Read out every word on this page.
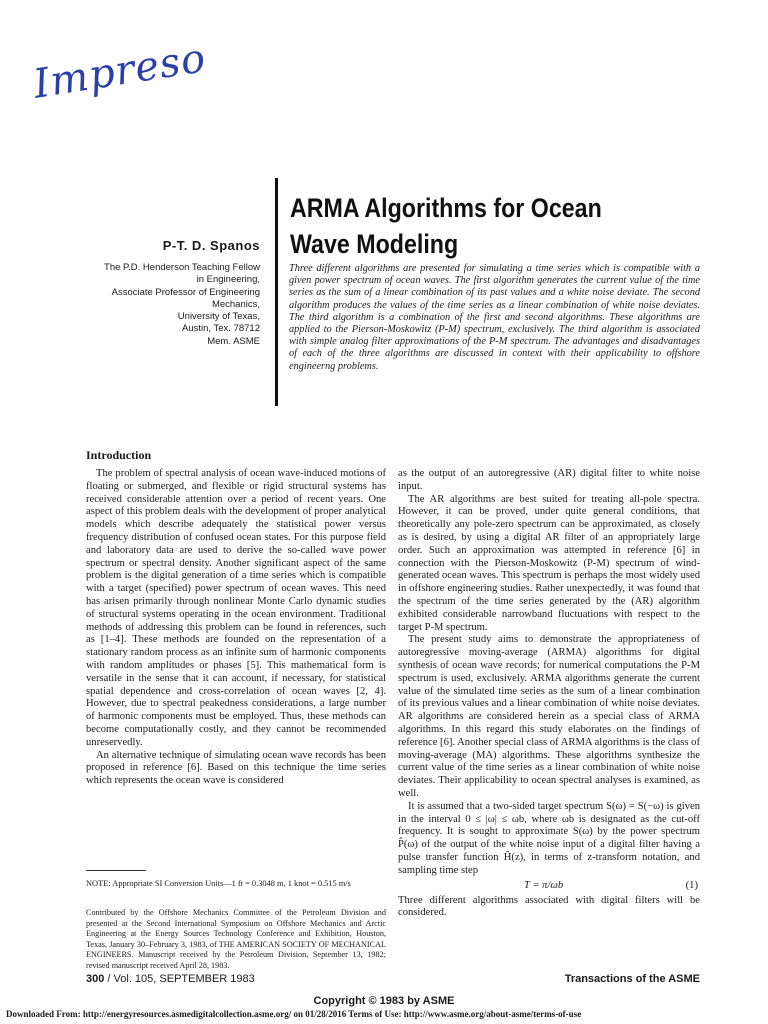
Impreso
ARMA Algorithms for Ocean Wave Modeling
P-T. D. Spanos
The P.D. Henderson Teaching Fellow
in Engineering,
Associate Professor of Engineering
Mechanics,
University of Texas,
Austin, Tex. 78712
Mem. ASME
Three different algorithms are presented for simulating a time series which is compatible with a given power spectrum of ocean waves. The first algorithm generates the current value of the time series as the sum of a linear combination of its past values and a white noise deviate. The second algorithm produces the values of the time series as a linear combination of white noise deviates. The third algorithm is a combination of the first and second algorithms. These algorithms are applied to the Pierson-Moskowitz (P-M) spectrum, exclusively. The third algorithm is associated with simple analog filter approximations of the P-M spectrum. The advantages and disadvantages of each of the three algorithms are discussed in context with their applicability to offshore engineerng problems.
Introduction

The problem of spectral analysis of ocean wave-induced motions of floating or submerged, and flexible or rigid structural systems has received considerable attention over a period of recent years. One aspect of this problem deals with the development of proper analytical models which describe adequately the statistical power versus frequency distribution of confused ocean states. For this purpose field and laboratory data are used to derive the so-called wave power spectrum or spectral density. Another significant aspect of the same problem is the digital generation of a time series which is compatible with a target (specified) power spectrum of ocean waves. This need has arisen primarily through nonlinear Monte Carlo dynamic studies of structural systems operating in the ocean environment. Traditional methods of addressing this problem can be found in references, such as [1–4]. These methods are founded on the representation of a stationary random process as an infinite sum of harmonic components with random amplitudes or phases [5]. This mathematical form is versatile in the sense that it can account, if necessary, for statistical spatial dependence and cross-correlation of ocean waves [2, 4]. However, due to spectral peakedness considerations, a large number of harmonic components must be employed. Thus, these methods can become computationally costly, and they cannot be recommended unreservedly.

An alternative technique of simulating ocean wave records has been proposed in reference [6]. Based on this technique the time series which represents the ocean wave is considered

as the output of an autoregressive (AR) digital filter to white noise input.

The AR algorithms are best suited for treating all-pole spectra. However, it can be proved, under quite general conditions, that theoretically any pole-zero spectrum can be approximated, as closely as is desired, by using a digital AR filter of an appropriately large order. Such an approximation was attempted in reference [6] in connection with the Pierson-Moskowitz (P-M) spectrum of wind-generated ocean waves. This spectrum is perhaps the most widely used in offshore engineering studies. Rather unexpectedly, it was found that the spectrum of the time series generated by the (AR) algorithm exhibited considerable narrowband fluctuations with respect to the target P-M spectrum.

The present study aims to demonstrate the appropriateness of autoregressive moving-average (ARMA) algorithms for digital synthesis of ocean wave records; for numerical computations the P-M spectrum is used, exclusively. ARMA algorithms generate the current value of the simulated time series as the sum of a linear combination of its previous values and a linear combination of white noise deviates. AR algorithms are considered herein as a special class of ARMA algorithms. In this regard this study elaborates on the findings of reference [6]. Another special class of ARMA algorithms is the class of moving-average (MA) algorithms. These algorithms synthesize the current value of the time series as a linear combination of white noise deviates. Their applicability to ocean spectral analyses is examined, as well.

It is assumed that a two-sided target spectrum S(ω) = S(−ω) is given in the interval 0 ≤ |ω| ≤ ωb, where ωb is designated as the cut-off frequency. It is sought to approximate S(ω) by the power spectrum P̂(ω) of the output of the white noise input of a digital filter having a pulse transfer function Ĥ(z), in terms of z-transform notation, and sampling time step

T = π/ωb	(1)

Three different algorithms associated with digital filters will be considered.

NOTE: Appropriate SI Conversion Units—1 ft = 0.3048 m, 1 knot = 0.515 m/s
Contributed by the Offshore Mechanics Committee of the Petroleum Division and presented at the Second International Symposium on Offshore Mechanics and Arctic Engineering at the Energy Sources Technology Conference and Exhibition, Houston, Texas, January 30–February 3, 1983, of THE AMERICAN SOCIETY OF MECHANICAL ENGINEERS. Manuscript received by the Petroleum Division, September 13, 1982; revised manuscript received April 28, 1983.
300 / Vol. 105, SEPTEMBER 1983	Transactions of the ASME
Copyright © 1983 by ASME
Downloaded From: http://energyresources.asmedigitalcollection.asme.org/ on 01/28/2016 Terms of Use: http://www.asme.org/about-asme/terms-of-use
